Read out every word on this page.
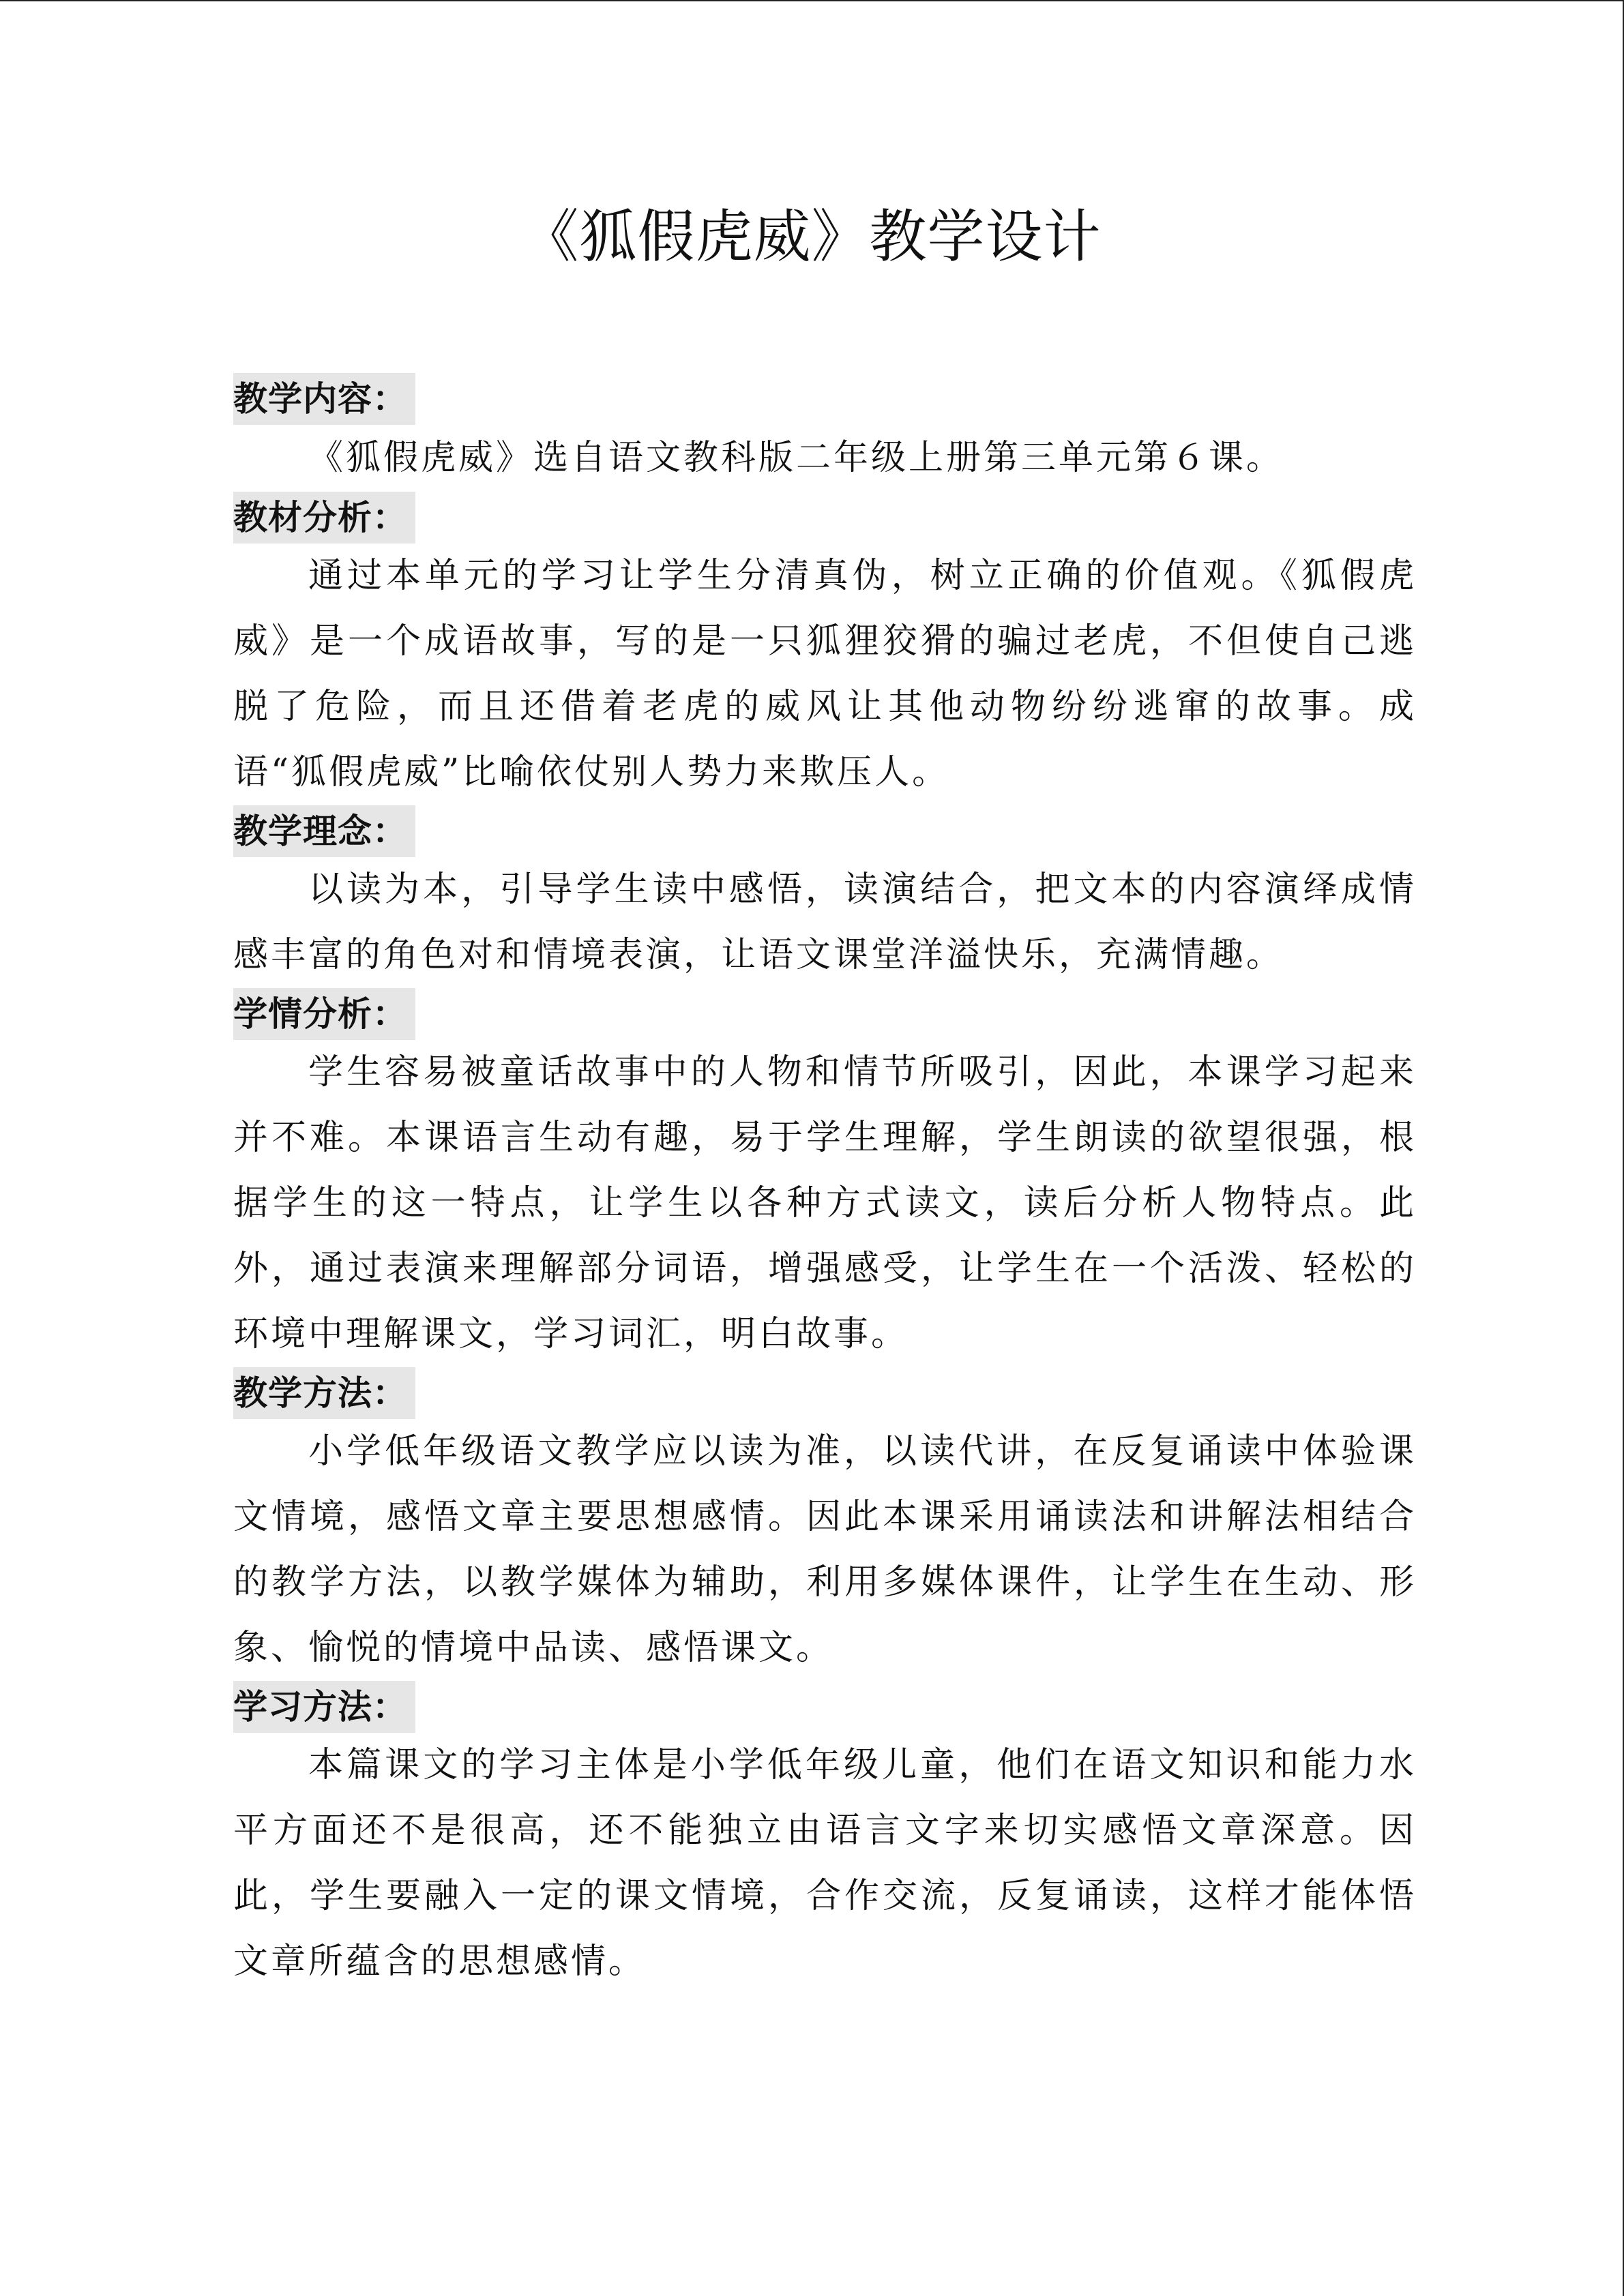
《狐假虎威》教学设计
教学内容：

《狐假虎威》选自语文教科版二年级上册第三单元第６课。

教材分析：

通过本单元的学习让学生分清真伪，树立正确的价值观。《狐假虎威》是一个成语故事，写的是一只狐狸狡猾的骗过老虎，不但使自己逃脱了危险，而且还借着老虎的威风让其他动物纷纷逃窜的故事。成语“狐假虎威”比喻依仗别人势力来欺压人。

教学理念：

以读为本，引导学生读中感悟，读演结合，把文本的内容演绎成情感丰富的角色对和情境表演，让语文课堂洋溢快乐，充满情趣。

学情分析：

学生容易被童话故事中的人物和情节所吸引，因此，本课学习起来并不难。本课语言生动有趣，易于学生理解，学生朗读的欲望很强，根据学生的这一特点，让学生以各种方式读文，读后分析人物特点。此外，通过表演来理解部分词语，增强感受，让学生在一个活泼、轻松的环境中理解课文，学习词汇，明白故事。

教学方法：

小学低年级语文教学应以读为准，以读代讲，在反复诵读中体验课文情境，感悟文章主要思想感情。因此本课采用诵读法和讲解法相结合的教学方法，以教学媒体为辅助，利用多媒体课件，让学生在生动、形象、愉悦的情境中品读、感悟课文。

学习方法：

本篇课文的学习主体是小学低年级儿童，他们在语文知识和能力水平方面还不是很高，还不能独立由语言文字来切实感悟文章深意。因此，学生要融入一定的课文情境，合作交流，反复诵读，这样才能体悟文章所蕴含的思想感情。
